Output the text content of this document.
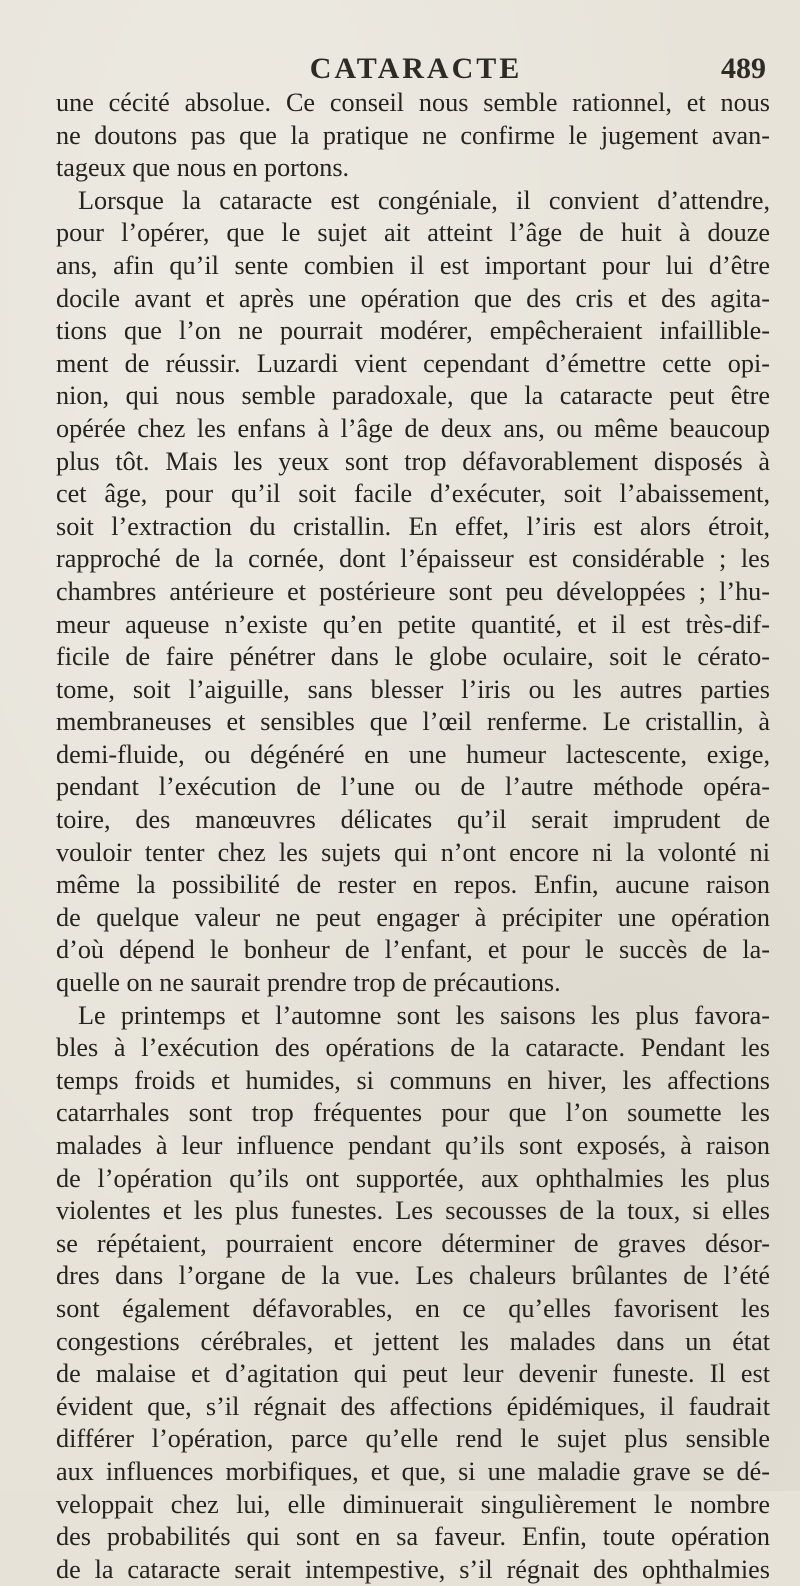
CATARACTE	489
une cécité absolue. Ce conseil nous semble rationnel, et nous
ne doutons pas que la pratique ne confirme le jugement avan-
tageux que nous en portons.
Lorsque la cataracte est congéniale, il convient d’attendre,
pour l’opérer, que le sujet ait atteint l’âge de huit à douze
ans, afin qu’il sente combien il est important pour lui d’être
docile avant et après une opération que des cris et des agita-
tions que l’on ne pourrait modérer, empêcheraient infaillible-
ment de réussir. Luzardi vient cependant d’émettre cette opi-
nion, qui nous semble paradoxale, que la cataracte peut être
opérée chez les enfans à l’âge de deux ans, ou même beaucoup
plus tôt. Mais les yeux sont trop défavorablement disposés à
cet âge, pour qu’il soit facile d’exécuter, soit l’abaissement,
soit l’extraction du cristallin. En effet, l’iris est alors étroit,
rapproché de la cornée, dont l’épaisseur est considérable ; les
chambres antérieure et postérieure sont peu développées ; l’hu-
meur aqueuse n’existe qu’en petite quantité, et il est très-dif-
ficile de faire pénétrer dans le globe oculaire, soit le cérato-
tome, soit l’aiguille, sans blesser l’iris ou les autres parties
membraneuses et sensibles que l’œil renferme. Le cristallin, à
demi-fluide, ou dégénéré en une humeur lactescente, exige,
pendant l’exécution de l’une ou de l’autre méthode opéra-
toire, des manœuvres délicates qu’il serait imprudent de
vouloir tenter chez les sujets qui n’ont encore ni la volonté ni
même la possibilité de rester en repos. Enfin, aucune raison
de quelque valeur ne peut engager à précipiter une opération
d’où dépend le bonheur de l’enfant, et pour le succès de la-
quelle on ne saurait prendre trop de précautions.
Le printemps et l’automne sont les saisons les plus favora-
bles à l’exécution des opérations de la cataracte. Pendant les
temps froids et humides, si communs en hiver, les affections
catarrhales sont trop fréquentes pour que l’on soumette les
malades à leur influence pendant qu’ils sont exposés, à raison
de l’opération qu’ils ont supportée, aux ophthalmies les plus
violentes et les plus funestes. Les secousses de la toux, si elles
se répétaient, pourraient encore déterminer de graves désor-
dres dans l’organe de la vue. Les chaleurs brûlantes de l’été
sont également défavorables, en ce qu’elles favorisent les
congestions cérébrales, et jettent les malades dans un état
de malaise et d’agitation qui peut leur devenir funeste. Il est
évident que, s’il régnait des affections épidémiques, il faudrait
différer l’opération, parce qu’elle rend le sujet plus sensible
aux influences morbifiques, et que, si une maladie grave se dé-
veloppait chez lui, elle diminuerait singulièrement le nombre
des probabilités qui sont en sa faveur. Enfin, toute opération
de la cataracte serait intempestive, s’il régnait des ophthalmies
